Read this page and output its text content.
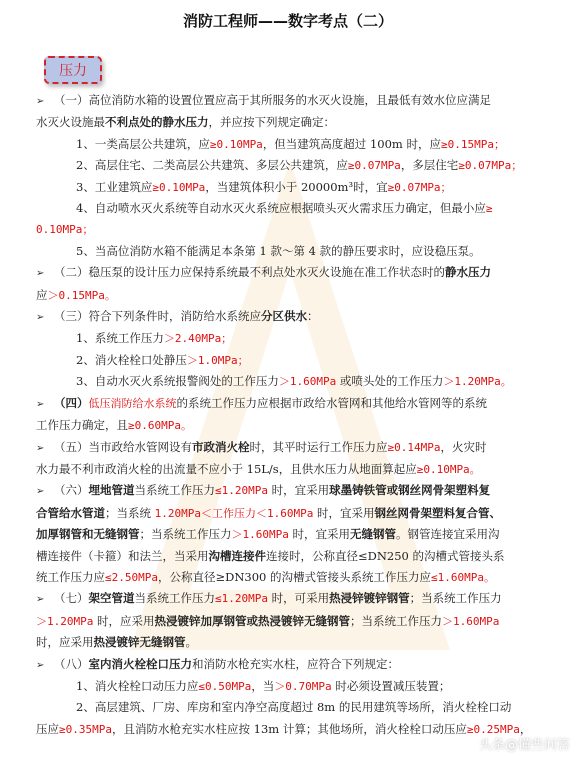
消防工程师——数字考点（二）
压力
➢ （一）高位消防水箱的设置位置应高于其所服务的水灭火设施，且最低有效水位应满足
水灭火设施最不利点处的静水压力，并应按下列规定确定：
1、一类高层公共建筑，应≥0.10MPa，但当建筑高度超过 100m 时，应≥0.15MPa；
2、高层住宅、二类高层公共建筑、多层公共建筑，应≥0.07MPa，多层住宅≥0.07MPa；
3、工业建筑应≥0.10MPa，当建筑体积小于 20000m³时，宜≥0.07MPa；
4、自动喷水灭火系统等自动水灭火系统应根据喷头灭火需求压力确定，但最小应≥
0.10MPa；
5、当高位消防水箱不能满足本条第 1 款～第 4 款的静压要求时，应设稳压泵。
➢ （二）稳压泵的设计压力应保持系统最不利点处水灭火设施在准工作状态时的静水压力
应＞0.15MPa。
➢ （三）符合下列条件时，消防给水系统应分区供水：
1、系统工作压力＞2.40MPa；
2、消火栓栓口处静压＞1.0MPa；
3、自动水灭火系统报警阀处的工作压力＞1.60MPa 或喷头处的工作压力＞1.20MPa。
➢ （四）低压消防给水系统的系统工作压力应根据市政给水管网和其他给水管网等的系统
工作压力确定，且≥0.60MPa。
➢ （五）当市政给水管网设有市政消火栓时，其平时运行工作压力应≥0.14MPa，火灾时
水力最不利市政消火栓的出流量不应小于 15L/s，且供水压力从地面算起应≥0.10MPa。
➢ （六）埋地管道当系统工作压力≤1.20MPa 时，宜采用球墨铸铁管或钢丝网骨架塑料复
合管给水管道；当系统 1.20MPa＜工作压力＜1.60MPa 时，宜采用钢丝网骨架塑料复合管、
加厚钢管和无缝钢管；当系统工作压力＞1.60MPa 时，宜采用无缝钢管。钢管连接宜采用沟
槽连接件（卡箍）和法兰，当采用沟槽连接件连接时，公称直径≤DN250 的沟槽式管接头系
统工作压力应≤2.50MPa，公称直径≥DN300 的沟槽式管接头系统工作压力应≤1.60MPa。
➢ （七）架空管道当系统工作压力≤1.20MPa 时，可采用热浸锌镀锌钢管；当系统工作压力
＞1.20MPa 时，应采用热浸镀锌加厚钢管或热浸镀锌无缝钢管；当系统工作压力＞1.60MPa
时，应采用热浸镀锌无缝钢管。
➢ （八）室内消火栓栓口压力和消防水枪充实水柱，应符合下列规定：
1、消火栓栓口动压力应≤0.50MPa，当＞0.70MPa 时必须设置减压装置；
2、高层建筑、厂房、库房和室内净空高度超过 8m 的民用建筑等场所，消火栓栓口动
压应≥0.35MPa，且消防水枪充实水柱应按 13m 计算；其他场所，消火栓栓口动压应≥0.25MPa，
头条@懂些问答
